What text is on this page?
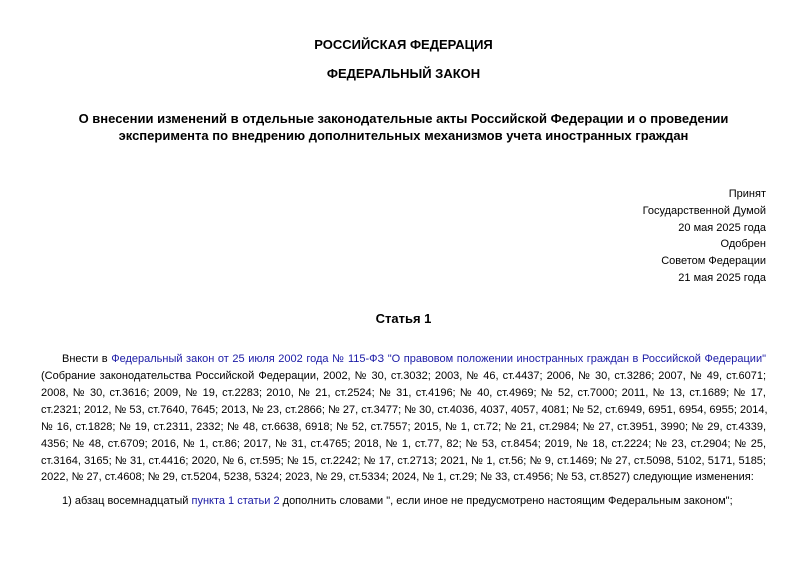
РОССИЙСКАЯ ФЕДЕРАЦИЯ
ФЕДЕРАЛЬНЫЙ ЗАКОН
О внесении изменений в отдельные законодательные акты Российской Федерации и о проведении
эксперимента по внедрению дополнительных механизмов учета иностранных граждан
Принят
Государственной Думой
20 мая 2025 года
Одобрен
Советом Федерации
21 мая 2025 года
Статья 1
Внести в Федеральный закон от 25 июля 2002 года № 115-ФЗ "О правовом положении иностранных граждан в Российской Федерации"
(Собрание законодательства Российской Федерации, 2002, № 30, ст.3032; 2003, № 46, ст.4437; 2006, № 30, ст.3286; 2007, № 49, ст.6071;
2008, № 30, ст.3616; 2009, № 19, ст.2283; 2010, № 21, ст.2524; № 31, ст.4196; № 40, ст.4969; № 52, ст.7000; 2011, № 13, ст.1689; № 17,
ст.2321; 2012, № 53, ст.7640, 7645; 2013, № 23, ст.2866; № 27, ст.3477; № 30, ст.4036, 4037, 4057, 4081; № 52, ст.6949, 6951, 6954, 6955; 2014,
№ 16, ст.1828; № 19, ст.2311, 2332; № 48, ст.6638, 6918; № 52, ст.7557; 2015, № 1, ст.72; № 21, ст.2984; № 27, ст.3951, 3990; № 29, ст.4339,
4356; № 48, ст.6709; 2016, № 1, ст.86; 2017, № 31, ст.4765; 2018, № 1, ст.77, 82; № 53, ст.8454; 2019, № 18, ст.2224; № 23, ст.2904; № 25,
ст.3164, 3165; № 31, ст.4416; 2020, № 6, ст.595; № 15, ст.2242; № 17, ст.2713; 2021, № 1, ст.56; № 9, ст.1469; № 27, ст.5098, 5102, 5171, 5185;
2022, № 27, ст.4608; № 29, ст.5204, 5238, 5324; 2023, № 29, ст.5334; 2024, № 1, ст.29; № 33, ст.4956; № 53, ст.8527) следующие изменения:
1) абзац восемнадцатый пункта 1 статьи 2 дополнить словами ", если иное не предусмотрено настоящим Федеральным законом";
